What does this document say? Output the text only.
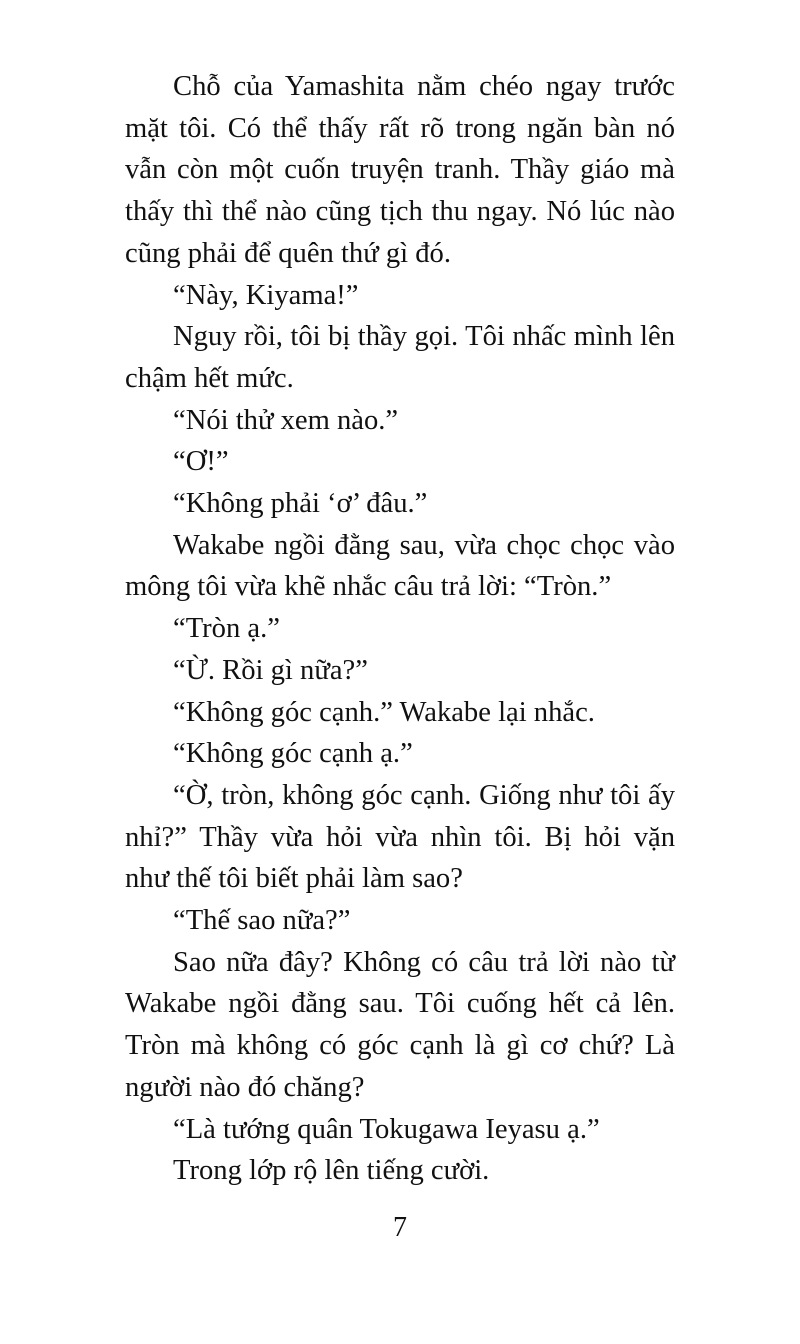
Chỗ của Yamashita nằm chéo ngay trước mặt tôi. Có thể thấy rất rõ trong ngăn bàn nó vẫn còn một cuốn truyện tranh. Thầy giáo mà thấy thì thể nào cũng tịch thu ngay. Nó lúc nào cũng phải để quên thứ gì đó.

“Này, Kiyama!”

Nguy rồi, tôi bị thầy gọi. Tôi nhấc mình lên chậm hết mức.

“Nói thử xem nào.”

“Ơ!”

“Không phải ‘ơ’ đâu.”

Wakabe ngồi đằng sau, vừa chọc chọc vào mông tôi vừa khẽ nhắc câu trả lời: “Tròn.”

“Tròn ạ.”

“Ừ. Rồi gì nữa?”

“Không góc cạnh.” Wakabe lại nhắc.

“Không góc cạnh ạ.”

“Ờ, tròn, không góc cạnh. Giống như tôi ấy nhỉ?” Thầy vừa hỏi vừa nhìn tôi. Bị hỏi vặn như thế tôi biết phải làm sao?

“Thế sao nữa?”

Sao nữa đây? Không có câu trả lời nào từ Wakabe ngồi đằng sau. Tôi cuống hết cả lên. Tròn mà không có góc cạnh là gì cơ chứ? Là người nào đó chăng?

“Là tướng quân Tokugawa Ieyasu ạ.”

Trong lớp rộ lên tiếng cười.

7
